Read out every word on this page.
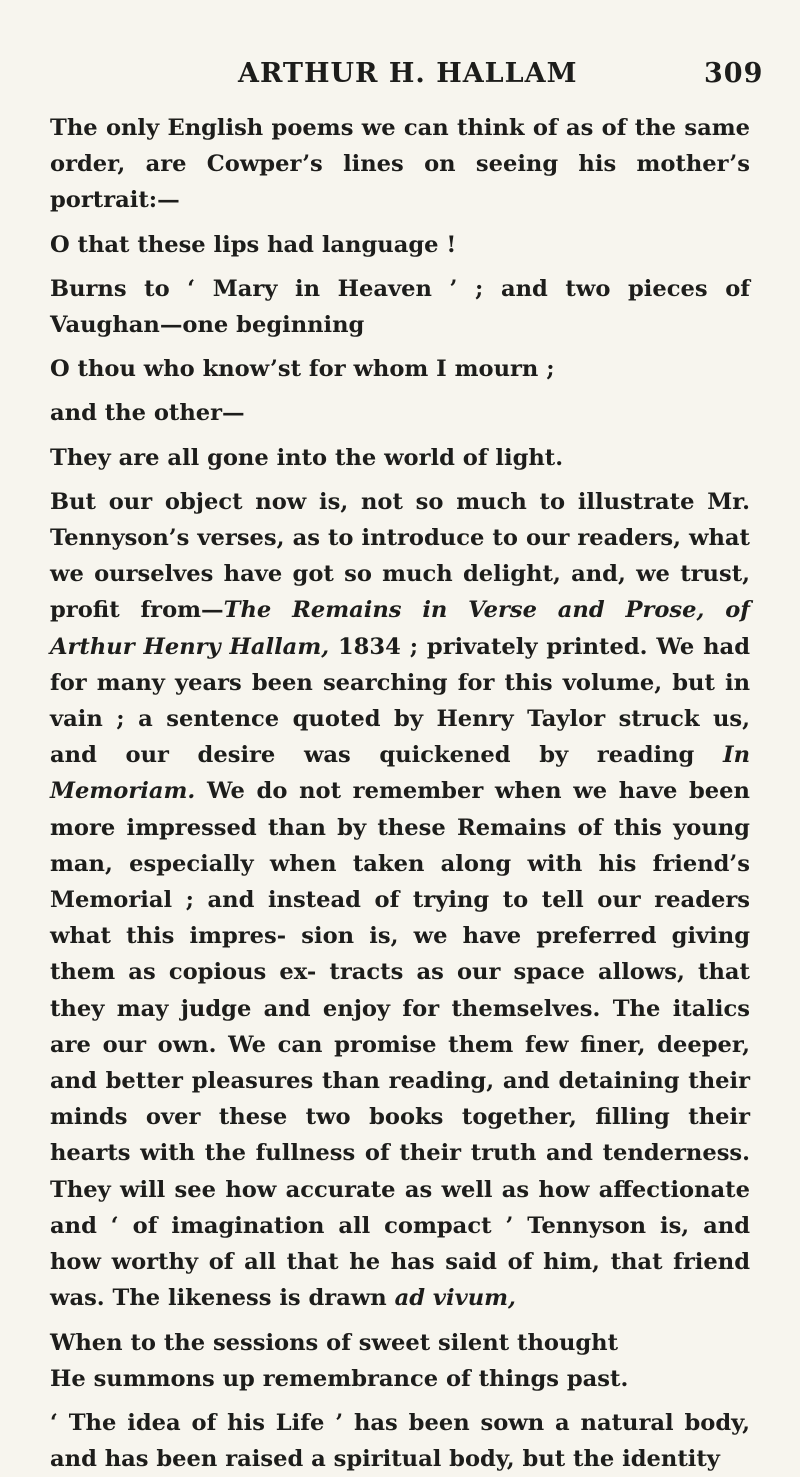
ARTHUR H. HALLAM	309

The only English poems we can think of as of the same order, are Cowper’s lines on seeing his mother’s portrait:—

O that these lips had language !

Burns to ‘ Mary in Heaven ’ ; and two pieces of Vaughan—one beginning

O thou who know’st for whom I mourn ;

and the other—

They are all gone into the world of light.

But our object now is, not so much to illustrate Mr. Tennyson’s verses, as to introduce to our readers, what we ourselves have got so much delight, and, we trust, profit from—The Remains in Verse and Prose, of Arthur Henry Hallam, 1834 ; privately printed. We had for many years been searching for this volume, but in vain ; a sentence quoted by Henry Taylor struck us, and our desire was quickened by reading In Memoriam. We do not remember when we have been more impressed than by these Remains of this young man, especially when taken along with his friend’s Memorial ; and instead of trying to tell our readers what this impres- sion is, we have preferred giving them as copious ex- tracts as our space allows, that they may judge and enjoy for themselves. The italics are our own. We can promise them few finer, deeper, and better pleasures than reading, and detaining their minds over these two books together, filling their hearts with the fullness of their truth and tenderness. They will see how accurate as well as how affectionate and ‘ of imagination all compact ’ Tennyson is, and how worthy of all that he has said of him, that friend was. The likeness is drawn ad vivum,

When to the sessions of sweet silent thought
He summons up remembrance of things past.

‘ The idea of his Life ’ has been sown a natural body, and has been raised a spiritual body, but the identity
